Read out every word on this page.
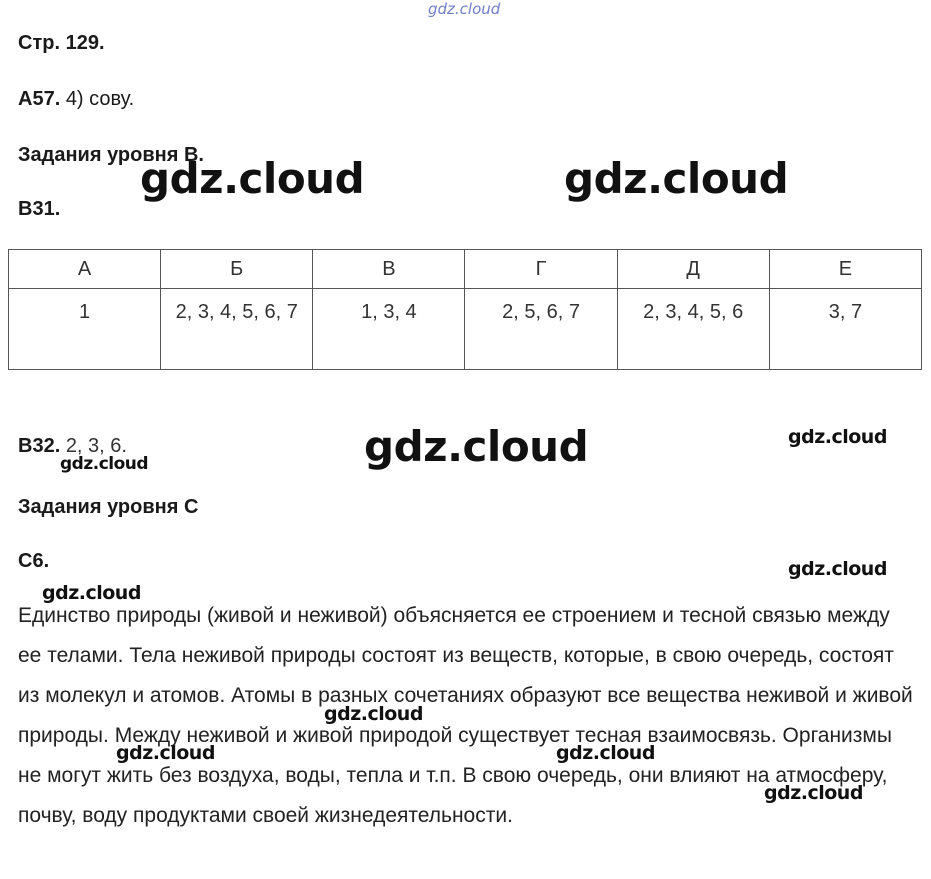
gdz.cloud
Стр. 129.
А57. 4) сову.
Задания уровня В.
gdz.cloud	gdz.cloud
В31.
А	Б	В	Г	Д	Е
1	2, 3, 4, 5, 6, 7	1, 3, 4	2, 5, 6, 7	2, 3, 4, 5, 6	3, 7
В32. 2, 3, 6.
gdz.cloud	gdz.cloud	gdz.cloud
Задания уровня С
С6.	gdz.cloud
gdz.cloud
Единство природы (живой и неживой) объясняется ее строением и тесной связью между ее телами. Тела неживой природы состоят из веществ, которые, в свою очередь, состоят из молекул и атомов. Атомы в разных сочетаниях образуют все вещества неживой и живой природы. Между неживой и живой природой существует тесная взаимосвязь. Организмы не могут жить без воздуха, воды, тепла и т.п. В свою очередь, они влияют на атмосферу, почву, воду продуктами своей жизнедеятельности.
gdz.cloud
gdz.cloud	gdz.cloud
gdz.cloud
